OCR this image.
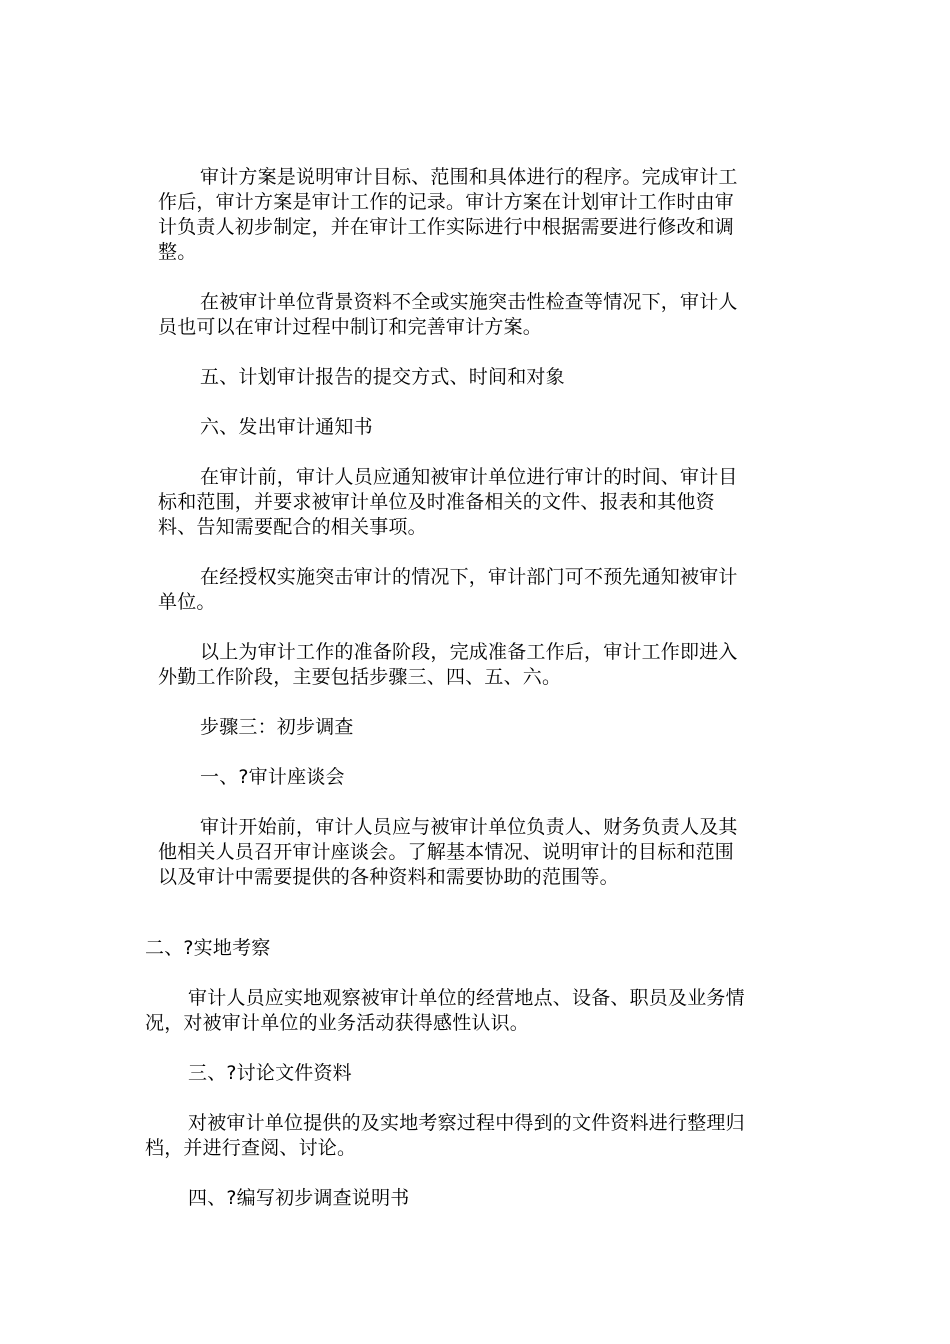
审计方案是说明审计目标、范围和具体进行的程序。完成审计工
作后，审计方案是审计工作的记录。审计方案在计划审计工作时由审
计负责人初步制定，并在审计工作实际进行中根据需要进行修改和调
整。
在被审计单位背景资料不全或实施突击性检查等情况下，审计人
员也可以在审计过程中制订和完善审计方案。
五、计划审计报告的提交方式、时间和对象
六、发出审计通知书
在审计前，审计人员应通知被审计单位进行审计的时间、审计目
标和范围，并要求被审计单位及时准备相关的文件、报表和其他资
料、告知需要配合的相关事项。
在经授权实施突击审计的情况下，审计部门可不预先通知被审计
单位。
以上为审计工作的准备阶段，完成准备工作后，审计工作即进入
外勤工作阶段，主要包括步骤三、四、五、六。
步骤三：初步调查
一、?审计座谈会
审计开始前，审计人员应与被审计单位负责人、财务负责人及其
他相关人员召开审计座谈会。了解基本情况、说明审计的目标和范围
以及审计中需要提供的各种资料和需要协助的范围等。
二、?实地考察
审计人员应实地观察被审计单位的经营地点、设备、职员及业务情
况，对被审计单位的业务活动获得感性认识。
三、?讨论文件资料
对被审计单位提供的及实地考察过程中得到的文件资料进行整理归
档，并进行查阅、讨论。
四、?编写初步调查说明书
